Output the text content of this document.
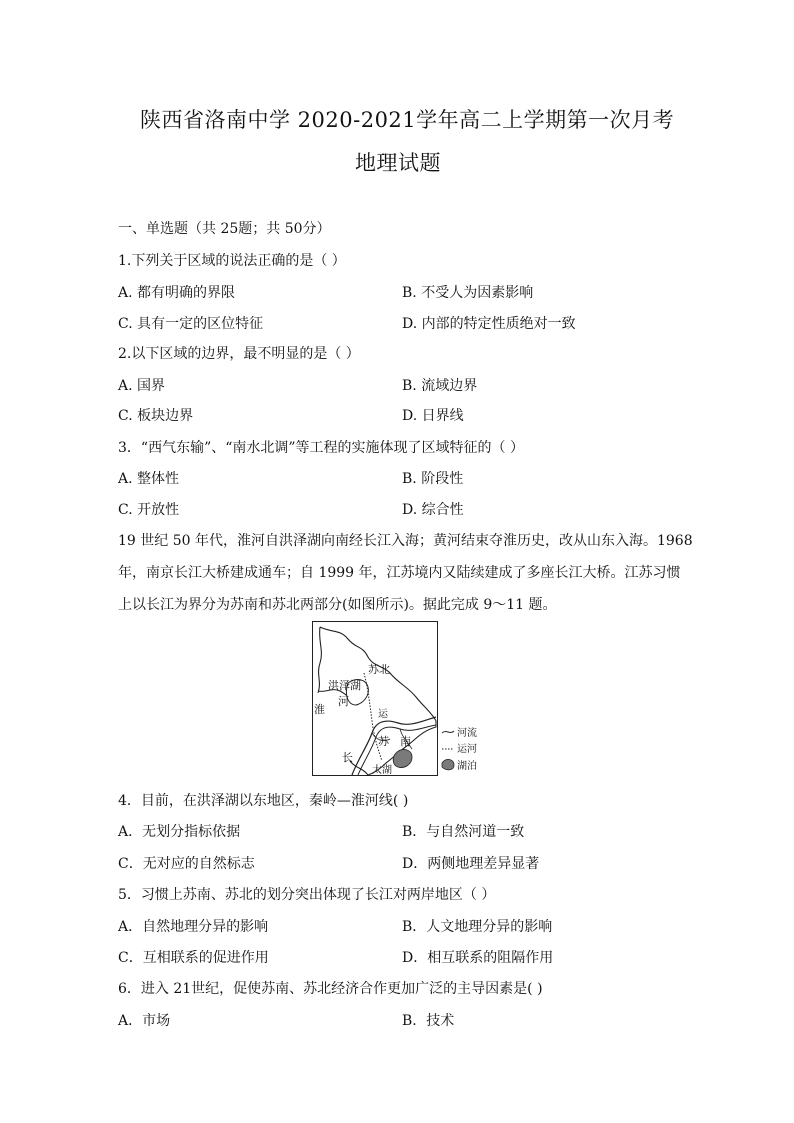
陕西省洛南中学 2020-2021学年高二上学期第一次月考
地理试题
一、单选题（共 25题；共 50分）
1.下列关于区域的说法正确的是（ ）
A. 都有明确的界限	B. 不受人为因素影响
C. 具有一定的区位特征	D. 内部的特定性质绝对一致
2.以下区域的边界，最不明显的是（ ）
A. 国界	B. 流域边界
C. 板块边界	D. 日界线
3．“西气东输”、“南水北调”等工程的实施体现了区域特征的（ ）
A. 整体性	B. 阶段性
C. 开放性	D. 综合性
19 世纪 50 年代，淮河自洪泽湖向南经长江入海；黄河结束夺淮历史，改从山东入海。1968
年，南京长江大桥建成通车；自 1999 年，江苏境内又陆续建成了多座长江大桥。江苏习惯
上以长江为界分为苏南和苏北两部分(如图所示)。据此完成 9～11 题。
苏北
洪泽湖
淮
河
运
苏 南
长
太湖
河流
运河
湖泊
4．目前，在洪泽湖以东地区，秦岭—淮河线( )
A．无划分指标依据	B．与自然河道一致
C．无对应的自然标志	D．两侧地理差异显著
5．习惯上苏南、苏北的划分突出体现了长江对两岸地区（ ）
A．自然地理分异的影响	B．人文地理分异的影响
C．互相联系的促进作用	D．相互联系的阻隔作用
6．进入 21世纪，促使苏南、苏北经济合作更加广泛的主导因素是( )
A．市场	B．技术
